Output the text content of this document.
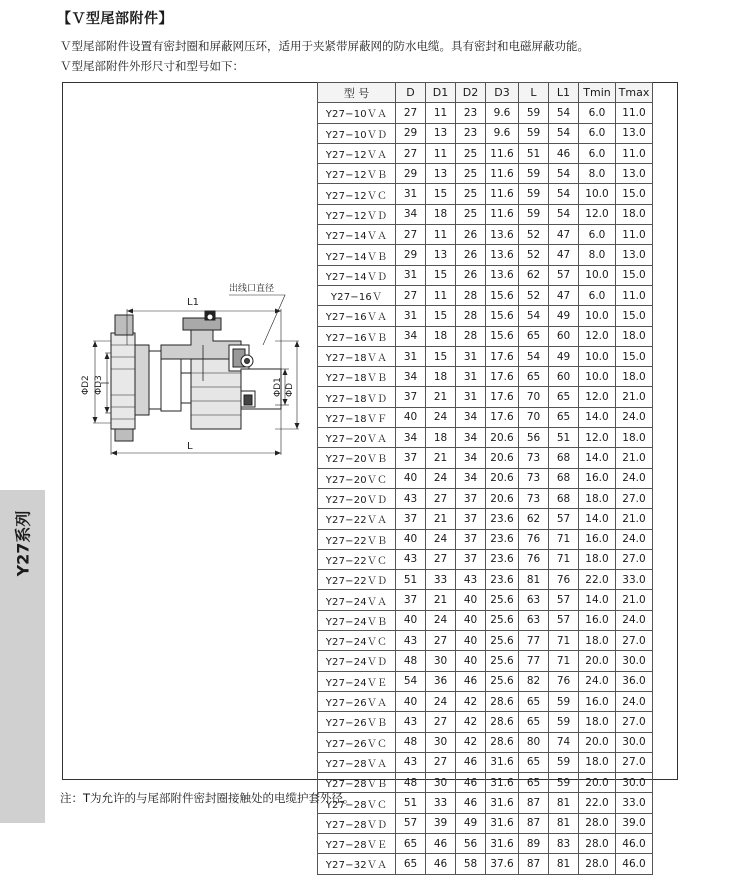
Y27系列
【Ｖ型尾部附件】
Ｖ型尾部附件设置有密封圈和屏蔽网压环，适用于夹紧带屏蔽网的防水电缆。具有密封和电磁屏蔽功能。
Ｖ型尾部附件外形尺寸和型号如下：
出线口直径
L1
L
ΦD2 ΦD3	ΦD1 ΦD
型 号	D	D1	D2	D3	L	L1	Tmin	Tmax
Y27−10ＶＡ	27	11	23	9.6	59	54	6.0	11.0
Y27−10ＶＤ	29	13	23	9.6	59	54	6.0	13.0
Y27−12ＶＡ	27	11	25	11.6	51	46	6.0	11.0
Y27−12ＶＢ	29	13	25	11.6	59	54	8.0	13.0
Y27−12ＶＣ	31	15	25	11.6	59	54	10.0	15.0
Y27−12ＶＤ	34	18	25	11.6	59	54	12.0	18.0
Y27−14ＶＡ	27	11	26	13.6	52	47	6.0	11.0
Y27−14ＶＢ	29	13	26	13.6	52	47	8.0	13.0
Y27−14ＶＤ	31	15	26	13.6	62	57	10.0	15.0
Y27−16Ｖ	27	11	28	15.6	52	47	6.0	11.0
Y27−16ＶＡ	31	15	28	15.6	54	49	10.0	15.0
Y27−16ＶＢ	34	18	28	15.6	65	60	12.0	18.0
Y27−18ＶＡ	31	15	31	17.6	54	49	10.0	15.0
Y27−18ＶＢ	34	18	31	17.6	65	60	10.0	18.0
Y27−18ＶＤ	37	21	31	17.6	70	65	12.0	21.0
Y27−18ＶＦ	40	24	34	17.6	70	65	14.0	24.0
Y27−20ＶＡ	34	18	34	20.6	56	51	12.0	18.0
Y27−20ＶＢ	37	21	34	20.6	73	68	14.0	21.0
Y27−20ＶＣ	40	24	34	20.6	73	68	16.0	24.0
Y27−20ＶＤ	43	27	37	20.6	73	68	18.0	27.0
Y27−22ＶＡ	37	21	37	23.6	62	57	14.0	21.0
Y27−22ＶＢ	40	24	37	23.6	76	71	16.0	24.0
Y27−22ＶＣ	43	27	37	23.6	76	71	18.0	27.0
Y27−22ＶＤ	51	33	43	23.6	81	76	22.0	33.0
Y27−24ＶＡ	37	21	40	25.6	63	57	14.0	21.0
Y27−24ＶＢ	40	24	40	25.6	63	57	16.0	24.0
Y27−24ＶＣ	43	27	40	25.6	77	71	18.0	27.0
Y27−24ＶＤ	48	30	40	25.6	77	71	20.0	30.0
Y27−24ＶＥ	54	36	46	25.6	82	76	24.0	36.0
Y27−26ＶＡ	40	24	42	28.6	65	59	16.0	24.0
Y27−26ＶＢ	43	27	42	28.6	65	59	18.0	27.0
Y27−26ＶＣ	48	30	42	28.6	80	74	20.0	30.0
Y27−28ＶＡ	43	27	46	31.6	65	59	18.0	27.0
Y27−28ＶＢ	48	30	46	31.6	65	59	20.0	30.0
Y27−28ＶＣ	51	33	46	31.6	87	81	22.0	33.0
Y27−28ＶＤ	57	39	49	31.6	87	81	28.0	39.0
Y27−28ＶＥ	65	46	56	31.6	89	83	28.0	46.0
Y27−32ＶＡ	65	46	58	37.6	87	81	28.0	46.0
注：T为允许的与尾部附件密封圈接触处的电缆护套外径。
